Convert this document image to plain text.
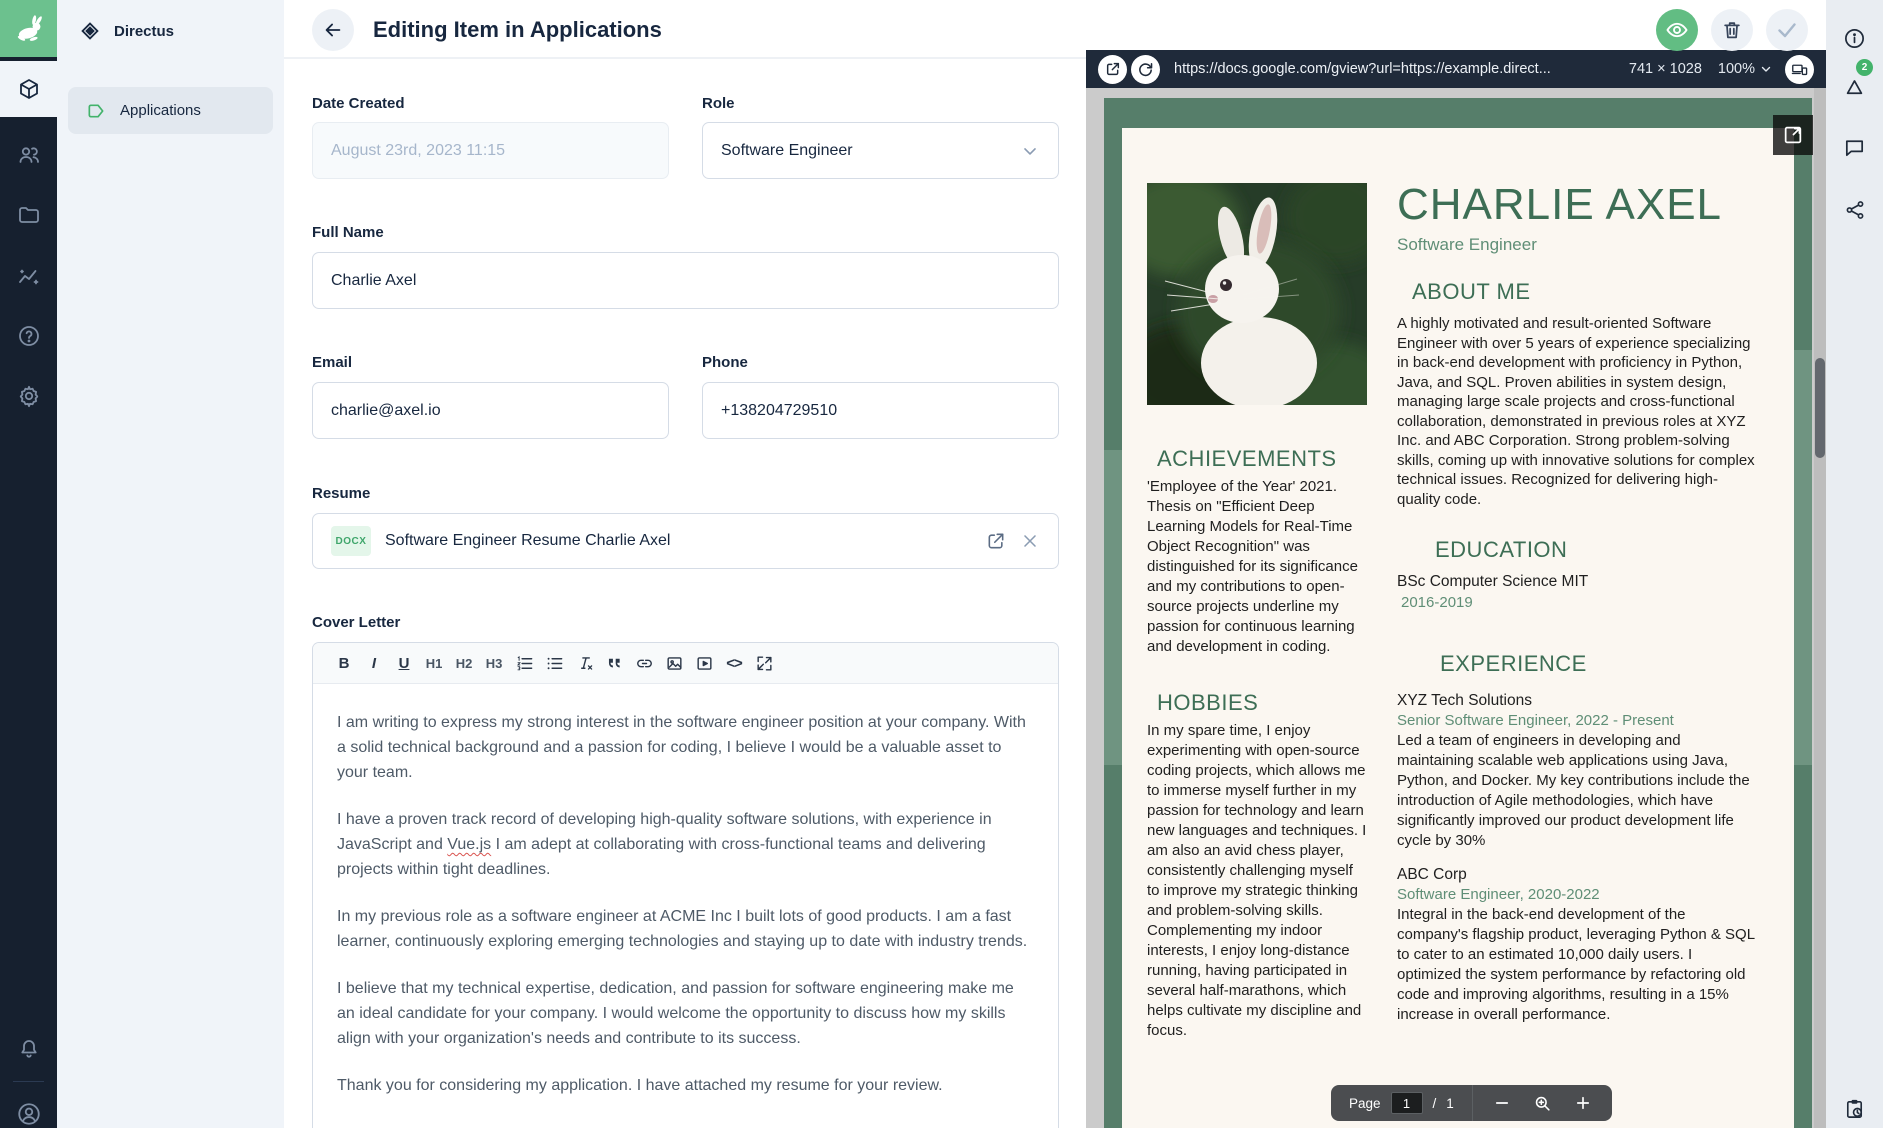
Directus
Applications
Editing Item in Applications
Date Created
August 23rd, 2023 11:15
Role
Software Engineer
Full Name
Charlie Axel
Email
charlie@axel.io	Phone
+138204729510
Resume
DOCX Software Engineer Resume Charlie Axel
Cover Letter
B	I	U	H1	H2	H3	<>

I am writing to express my strong interest in the software engineer position at your company. With a solid technical background and a passion for coding, I believe I would be a valuable asset to your team.

I have a proven track record of developing high-quality software solutions, with experience in JavaScript and Vue.js I am adept at collaborating with cross-functional teams and delivering projects within tight deadlines.

In my previous role as a software engineer at ACME Inc I built lots of good products. I am a fast learner, continuously exploring emerging technologies and staying up to date with industry trends.

I believe that my technical expertise, dedication, and passion for software engineering make me an ideal candidate for your company. I would welcome the opportunity to discuss how my skills align with your organization's needs and contribute to its success.

Thank you for considering my application. I have attached my resume for your review.

https://docs.google.com/gview?url=https://example.direct...	741 × 1028 100%
ACHIEVEMENTS
'Employee of the Year' 2021. Thesis on "Efficient Deep Learning Models for Real-Time Object Recognition" was distinguished for its significance and my contributions to open-source projects underline my passion for continuous learning and development in coding.
HOBBIES
In my spare time, I enjoy experimenting with open-source coding projects, which allows me to immerse myself further in my passion for technology and learn new languages and techniques. I am also an avid chess player, consistently challenging myself to improve my strategic thinking and problem-solving skills. Complementing my indoor interests, I enjoy long-distance running, having participated in several half-marathons, which helps cultivate my discipline and focus.
CHARLIE AXEL
Software Engineer
ABOUT ME
A highly motivated and result-oriented Software Engineer with over 5 years of experience specializing in back-end development with proficiency in Python, Java, and SQL. Proven abilities in system design, managing large scale projects and cross-functional collaboration, demonstrated in previous roles at XYZ Inc. and ABC Corporation. Strong problem-solving skills, coming up with innovative solutions for complex technical issues. Recognized for delivering high-quality code.
EDUCATION
BSc Computer Science MIT
2016-2019
EXPERIENCE
XYZ Tech Solutions
Senior Software Engineer, 2022 - Present
Led a team of engineers in developing and maintaining scalable web applications using Java, Python, and Docker. My key contributions include the introduction of Agile methodologies, which have significantly improved our product development life cycle by 30%
ABC Corp
Software Engineer, 2020-2022
Integral in the back-end development of the company's flagship product, leveraging Python & SQL to cater to an estimated 10,000 daily users. I optimized the system performance by refactoring old code and improving algorithms, resulting in a 15% increase in overall performance.
Page
1	/ 1
2
